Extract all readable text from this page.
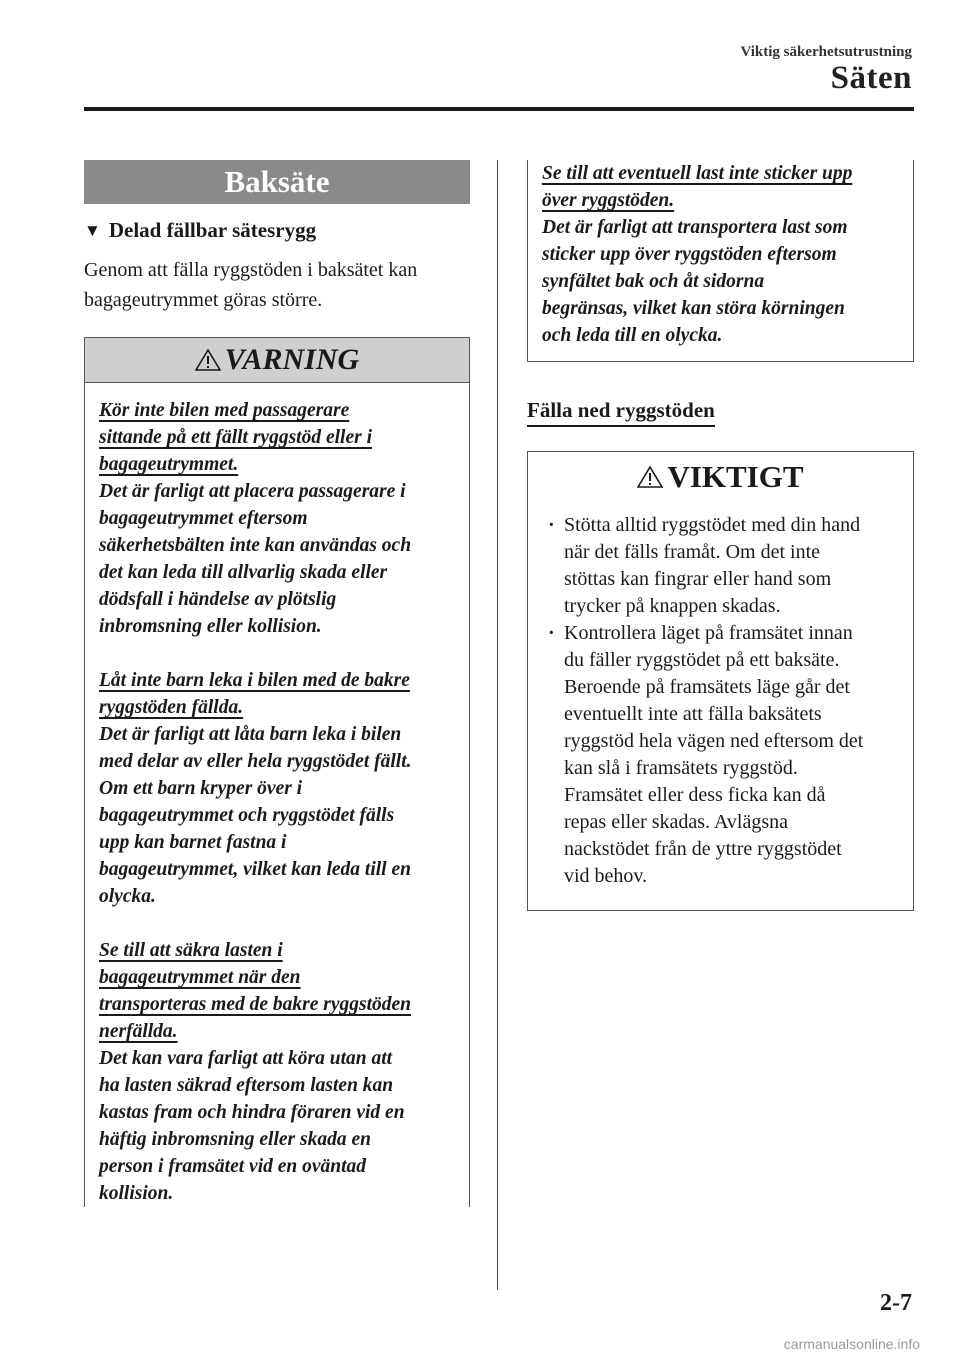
Viktig säkerhetsutrustning
Säten
Baksäte
▼ Delad fällbar sätesrygg
Genom att fälla ryggstöden i baksätet kan
bagageutrymmet göras större.
VARNING
Kör inte bilen med passagerare
sittande på ett fällt ryggstöd eller i
bagageutrymmet.
Det är farligt att placera passagerare i
bagageutrymmet eftersom
säkerhetsbälten inte kan användas och
det kan leda till allvarlig skada eller
dödsfall i händelse av plötslig
inbromsning eller kollision.
Låt inte barn leka i bilen med de bakre
ryggstöden fällda.
Det är farligt att låta barn leka i bilen
med delar av eller hela ryggstödet fällt.
Om ett barn kryper över i
bagageutrymmet och ryggstödet fälls
upp kan barnet fastna i
bagageutrymmet, vilket kan leda till en
olycka.
Se till att säkra lasten i
bagageutrymmet när den
transporteras med de bakre ryggstöden
nerfällda.
Det kan vara farligt att köra utan att
ha lasten säkrad eftersom lasten kan
kastas fram och hindra föraren vid en
häftig inbromsning eller skada en
person i framsätet vid en oväntad
kollision.
Se till att eventuell last inte sticker upp
över ryggstöden.
Det är farligt att transportera last som
sticker upp över ryggstöden eftersom
synfältet bak och åt sidorna
begränsas, vilket kan störa körningen
och leda till en olycka.
Fälla ned ryggstöden
VIKTIGT
· Stötta alltid ryggstödet med din hand
när det fälls framåt. Om det inte
stöttas kan fingrar eller hand som
trycker på knappen skadas.
· Kontrollera läget på framsätet innan
du fäller ryggstödet på ett baksäte.
Beroende på framsätets läge går det
eventuellt inte att fälla baksätets
ryggstöd hela vägen ned eftersom det
kan slå i framsätets ryggstöd.
Framsätet eller dess ficka kan då
repas eller skadas. Avlägsna
nackstödet från de yttre ryggstödet
vid behov.
2-7
carmanualsonline.info
